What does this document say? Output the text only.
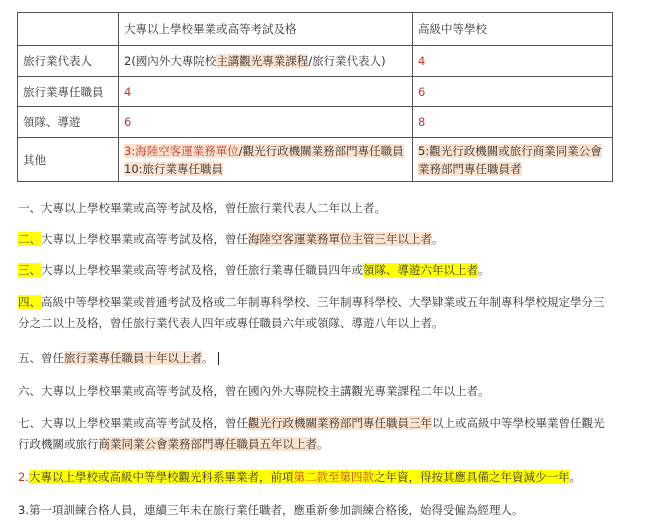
	大專以上學校畢業或高等考試及格	高級中等學校
旅行業代表人	2(國內外大專院校主講觀光專業課程/旅行業代表人)	4
旅行業專任職員	4	6
領隊、導遊	6	8
其他	3:海陸空客運業務單位/觀光行政機關業務部門專任職員
10:旅行業專任職員	5:觀光行政機關或旅行商業同業公會
業務部門專任職員者

一、大專以上學校畢業或高等考試及格，曾任旅行業代表人二年以上者。

二、大專以上學校畢業或高等考試及格，曾任海陸空客運業務單位主管三年以上者。

三、大專以上學校畢業或高等考試及格，曾任旅行業專任職員四年或領隊、導遊六年以上者。

四、高級中等學校畢業或普通考試及格或二年制專科學校、三年制專科學校、大學肄業或五年制專科學校規定學分三
分之二以上及格，曾任旅行業代表人四年或專任職員六年或領隊、導遊八年以上者。

五、曾任旅行業專任職員十年以上者。

六、大專以上學校畢業或高等考試及格，曾在國內外大專院校主講觀光專業課程二年以上者。

七、大專以上學校畢業或高等考試及格，曾任觀光行政機關業務部門專任職員三年以上或高級中等學校畢業曾任觀光
行政機關或旅行商業同業公會業務部門專任職員五年以上者。

2.大專以上學校或高級中等學校觀光科系畢業者，前項第二款至第四款之年資，得按其應具備之年資減少一年。

3.第一項訓練合格人員，連續三年未在旅行業任職者，應重新參加訓練合格後，始得受僱為經理人。
